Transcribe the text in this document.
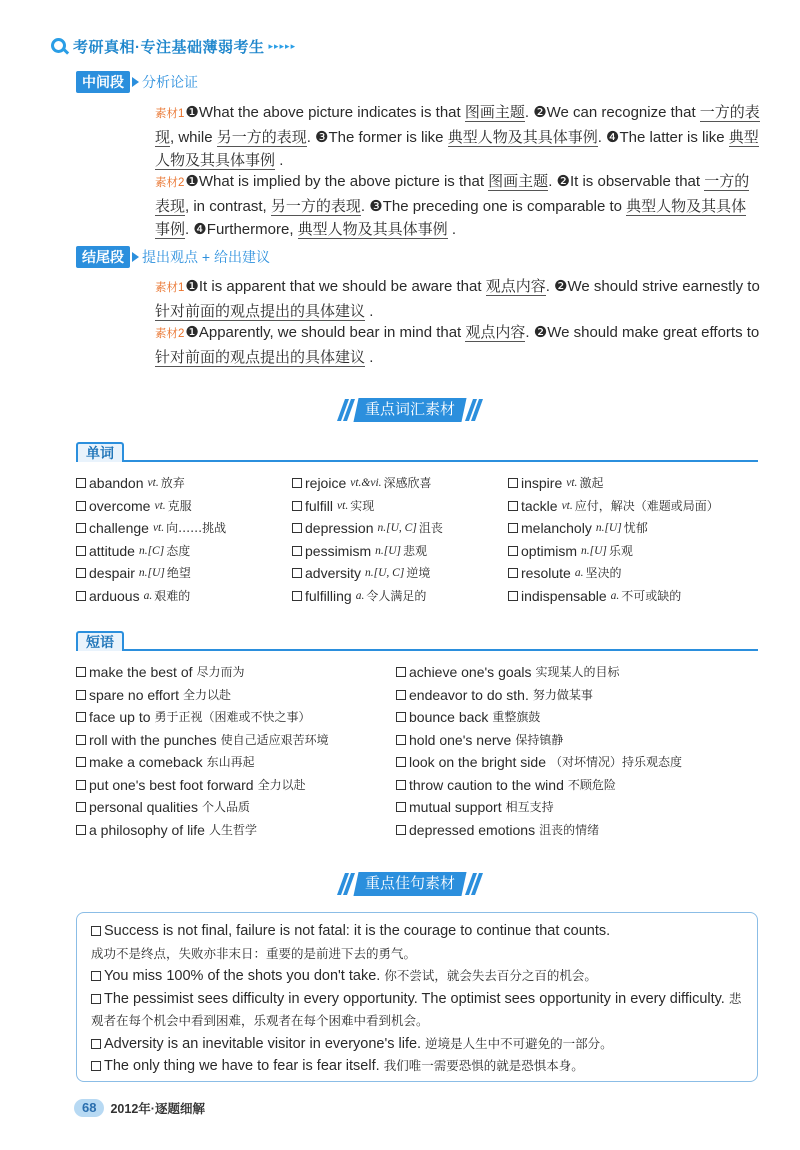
考研真相·专注基础薄弱考生 ▸▸▸▸▸
中间段	分析论证
素材1❶What the above picture indicates is that 图画主题. ❷We can recognize that 一方的表现, while 另一方的表现. ❸The former is like 典型人物及其具体事例. ❹The latter is like 典型人物及其具体事例 .
素材2❶What is implied by the above picture is that 图画主题. ❷It is observable that 一方的表现, in contrast, 另一方的表现. ❸The preceding one is comparable to 典型人物及其具体事例. ❹Furthermore, 典型人物及其具体事例 .
结尾段	提出观点 + 给出建议
素材1❶It is apparent that we should be aware that 观点内容. ❷We should strive earnestly to 针对前面的观点提出的具体建议 .
素材2❶Apparently, we should bear in mind that 观点内容. ❷We should make great efforts to 针对前面的观点提出的具体建议 .
重点词汇素材
单词
abandon vt. 放弃	rejoice vt.&vi. 深感欣喜	inspire vt. 激起
overcome vt. 克服	fulfill vt. 实现	tackle vt. 应付，解决（难题或局面）
challenge vt. 向……挑战	depression n.[U, C] 沮丧	melancholy n.[U] 忧郁
attitude n.[C] 态度	pessimism n.[U] 悲观	optimism n.[U] 乐观
despair n.[U] 绝望	adversity n.[U, C] 逆境	resolute a. 坚决的
arduous a. 艰难的	fulfilling a. 令人满足的	indispensable a. 不可或缺的
短语
make the best of 尽力而为	achieve one's goals 实现某人的目标
spare no effort 全力以赴	endeavor to do sth. 努力做某事
face up to 勇于正视（困难或不快之事）	bounce back 重整旗鼓
roll with the punches 使自己适应艰苦环境	hold one's nerve 保持镇静
make a comeback 东山再起	look on the bright side （对坏情况）持乐观态度
put one's best foot forward 全力以赴	throw caution to the wind 不顾危险
personal qualities 个人品质	mutual support 相互支持
a philosophy of life 人生哲学	depressed emotions 沮丧的情绪
重点佳句素材
Success is not final, failure is not fatal: it is the courage to continue that counts.
成功不是终点，失败亦非末日：重要的是前进下去的勇气。
You miss 100% of the shots you don't take. 你不尝试，就会失去百分之百的机会。
The pessimist sees difficulty in every opportunity. The optimist sees opportunity in every difficulty. 悲观者在每个机会中看到困难，乐观者在每个困难中看到机会。
Adversity is an inevitable visitor in everyone's life. 逆境是人生中不可避免的一部分。
The only thing we have to fear is fear itself. 我们唯一需要恐惧的就是恐惧本身。
68	2012年·逐题细解
